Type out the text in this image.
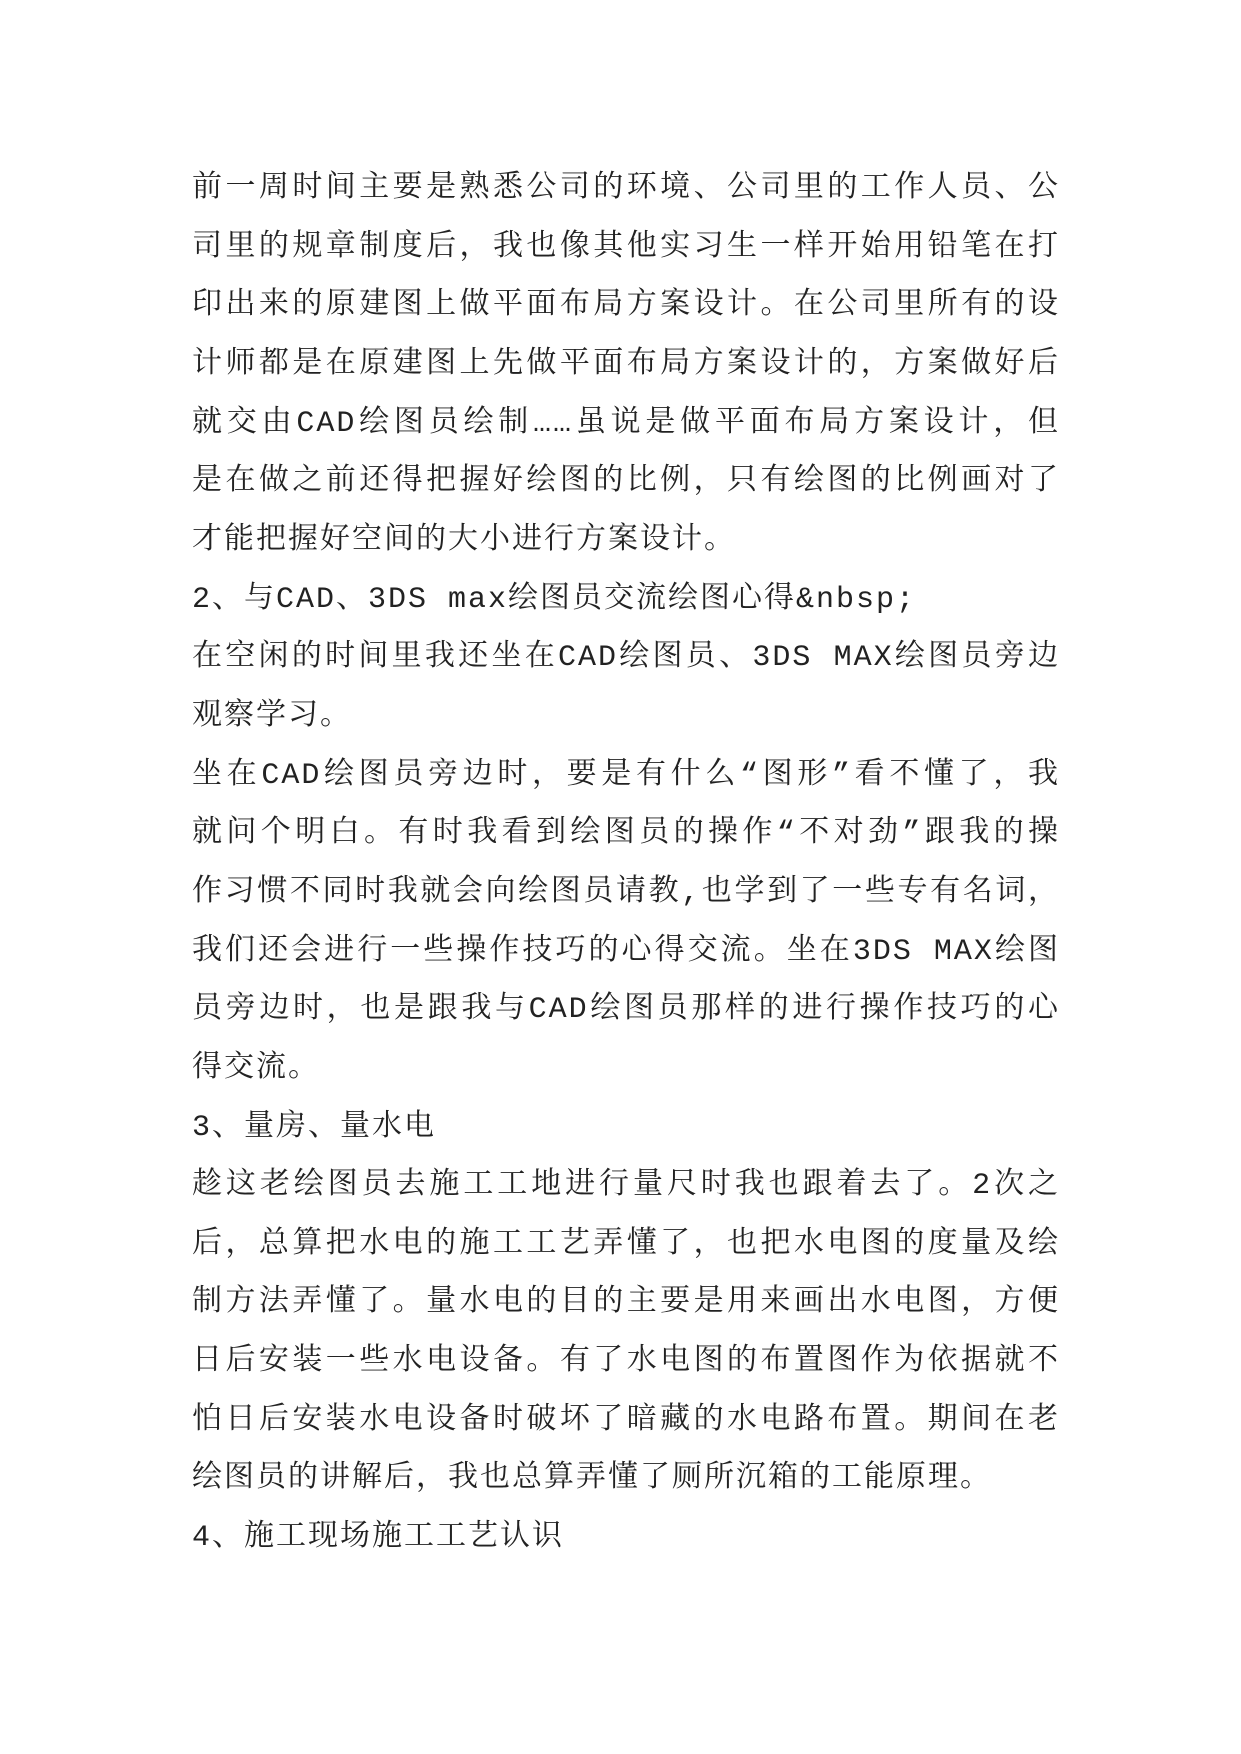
前一周时间主要是熟悉公司的环境、公司里的工作人员、公
司里的规章制度后，我也像其他实习生一样开始用铅笔在打
印出来的原建图上做平面布局方案设计。在公司里所有的设
计师都是在原建图上先做平面布局方案设计的，方案做好后
就交由CAD绘图员绘制……虽说是做平面布局方案设计，但
是在做之前还得把握好绘图的比例，只有绘图的比例画对了
才能把握好空间的大小进行方案设计。
2、与CAD、3DS max绘图员交流绘图心得&nbsp;
在空闲的时间里我还坐在CAD绘图员、3DS MAX绘图员旁边
观察学习。
坐在CAD绘图员旁边时，要是有什么“图形”看不懂了，我
就问个明白。有时我看到绘图员的操作“不对劲”跟我的操
作习惯不同时我就会向绘图员请教,也学到了一些专有名词，
我们还会进行一些操作技巧的心得交流。坐在3DS MAX绘图
员旁边时，也是跟我与CAD绘图员那样的进行操作技巧的心
得交流。
3、量房、量水电
趁这老绘图员去施工工地进行量尺时我也跟着去了。2次之
后，总算把水电的施工工艺弄懂了，也把水电图的度量及绘
制方法弄懂了。量水电的目的主要是用来画出水电图，方便
日后安装一些水电设备。有了水电图的布置图作为依据就不
怕日后安装水电设备时破坏了暗藏的水电路布置。期间在老
绘图员的讲解后，我也总算弄懂了厕所沉箱的工能原理。
4、施工现场施工工艺认识
